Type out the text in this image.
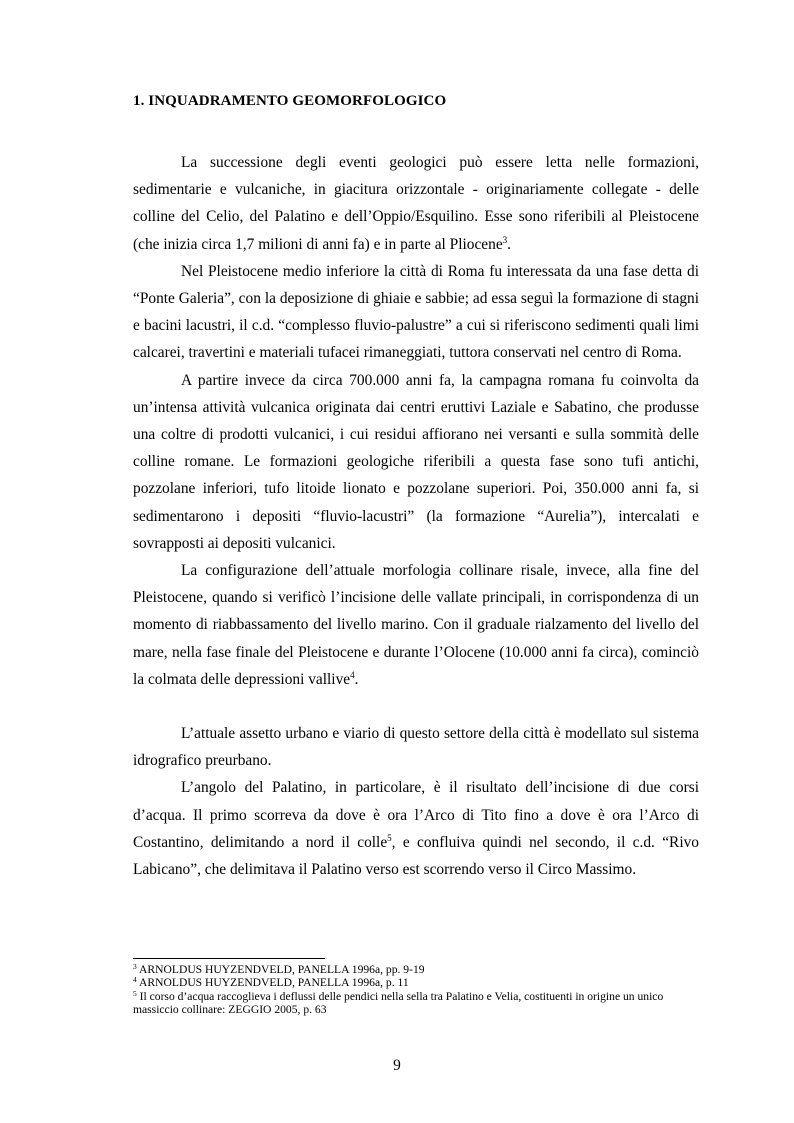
1. INQUADRAMENTO GEOMORFOLOGICO

La successione degli eventi geologici può essere letta nelle formazioni, sedimentarie e vulcaniche, in giacitura orizzontale - originariamente collegate - delle colline del Celio, del Palatino e dell’Oppio/Esquilino. Esse sono riferibili al Pleistocene (che inizia circa 1,7 milioni di anni fa) e in parte al Pliocene$^3$.

Nel Pleistocene medio inferiore la città di Roma fu interessata da una fase detta di “Ponte Galeria”, con la deposizione di ghiaie e sabbie; ad essa seguì la formazione di stagni e bacini lacustri, il c.d. “complesso fluvio-palustre” a cui si riferiscono sedimenti quali limi calcarei, travertini e materiali tufacei rimaneggiati, tuttora conservati nel centro di Roma.

A partire invece da circa 700.000 anni fa, la campagna romana fu coinvolta da un’intensa attività vulcanica originata dai centri eruttivi Laziale e Sabatino, che produsse una coltre di prodotti vulcanici, i cui residui affiorano nei versanti e sulla sommità delle colline romane. Le formazioni geologiche riferibili a questa fase sono tufi antichi, pozzolane inferiori, tufo litoide lionato e pozzolane superiori. Poi, 350.000 anni fa, si sedimentarono i depositi “fluvio-lacustri” (la formazione “Aurelia”), intercalati e sovrapposti ai depositi vulcanici.

La configurazione dell’attuale morfologia collinare risale, invece, alla fine del Pleistocene, quando si verificò l’incisione delle vallate principali, in corrispondenza di un momento di riabbassamento del livello marino. Con il graduale rialzamento del livello del mare, nella fase finale del Pleistocene e durante l’Olocene (10.000 anni fa circa), cominciò la colmata delle depressioni vallive$^4$.

L’attuale assetto urbano e viario di questo settore della città è modellato sul sistema idrografico preurbano.

L’angolo del Palatino, in particolare, è il risultato dell’incisione di due corsi d’acqua. Il primo scorreva da dove è ora l’Arco di Tito fino a dove è ora l’Arco di Costantino, delimitando a nord il colle$^5$, e confluiva quindi nel secondo, il c.d. “Rivo Labicano”, che delimitava il Palatino verso est scorrendo verso il Circo Massimo.

$^3$ ARNOLDUS HUYZENDVELD, PANELLA 1996a, pp. 9-19

$^4$ ARNOLDUS HUYZENDVELD, PANELLA 1996a, p. 11

$^5$ Il corso d’acqua raccoglieva i deflussi delle pendici nella sella tra Palatino e Velia, costituenti in origine un unico massiccio collinare: ZEGGIO 2005, p. 63

9
